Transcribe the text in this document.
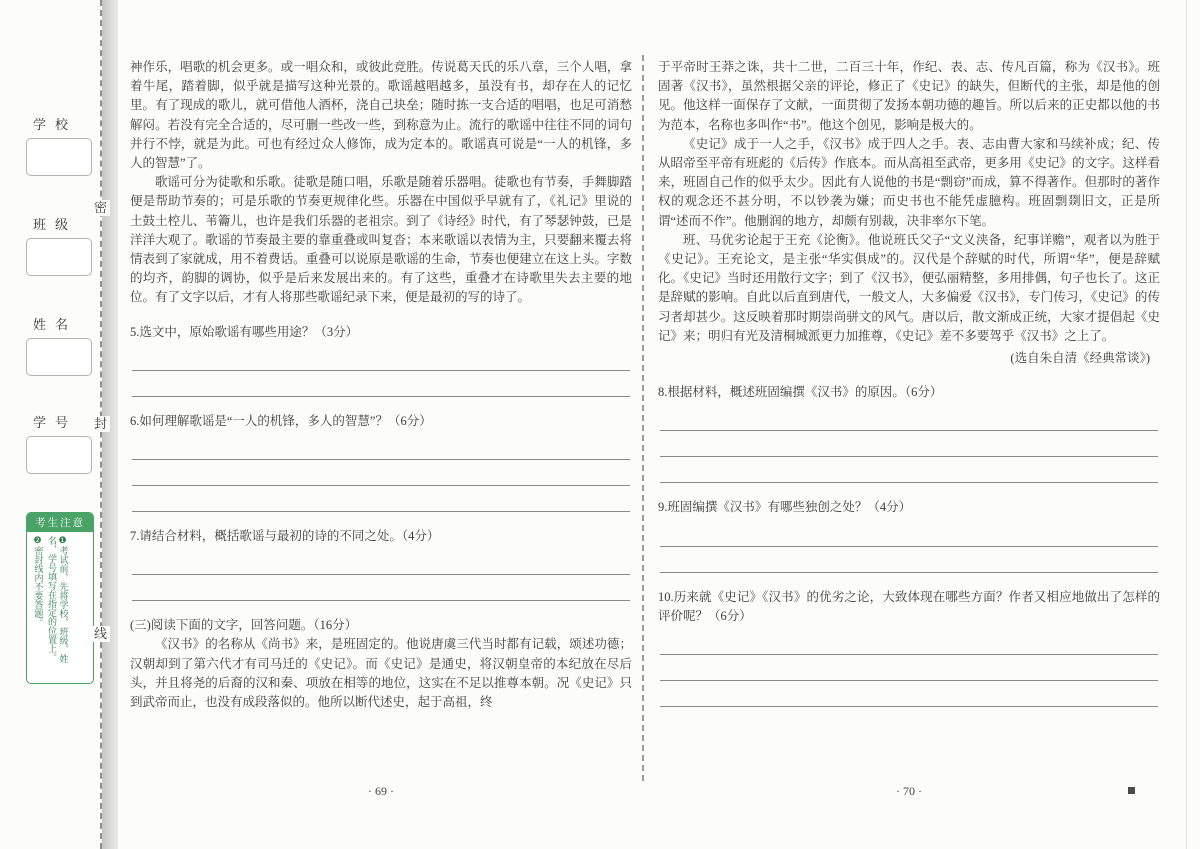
密
封
线
学校
班级
姓名
学号
考生注意
❶考试前，先将学校、班级、姓名、学号填写在指定的位置上。
❷密封线内不要答题。

神作乐，唱歌的机会更多。或一唱众和，或彼此竞胜。传说葛天氏的乐八章，三个人唱，拿着牛尾，踏着脚，似乎就是描写这种光景的。歌谣越唱越多，虽没有书，却存在人的记忆里。有了现成的歌儿，就可借他人酒杯，浇自己块垒；随时拣一支合适的唱唱，也足可消愁解闷。若没有完全合适的，尽可删一些改一些，到称意为止。流行的歌谣中往往不同的词句并行不悖，就是为此。可也有经过众人修饰，成为定本的。歌谣真可说是“一人的机锋，多人的智慧”了。

歌谣可分为徒歌和乐歌。徒歌是随口唱，乐歌是随着乐器唱。徒歌也有节奏，手舞脚踏便是帮助节奏的；可是乐歌的节奏更规律化些。乐器在中国似乎早就有了，《礼记》里说的土鼓土椌儿、苇籥儿，也许是我们乐器的老祖宗。到了《诗经》时代，有了琴瑟钟鼓，已是洋洋大观了。歌谣的节奏最主要的靠重叠或叫复沓；本来歌谣以表情为主，只要翻来覆去将情表到了家就成，用不着费话。重叠可以说原是歌谣的生命，节奏也便建立在这上头。字数的均齐，韵脚的调协，似乎是后来发展出来的。有了这些，重叠才在诗歌里失去主要的地位。有了文字以后，才有人将那些歌谣纪录下来，便是最初的写的诗了。

5.选文中，原始歌谣有哪些用途？（3分）
6.如何理解歌谣是“一人的机锋，多人的智慧”？（6分）
7.请结合材料，概括歌谣与最初的诗的不同之处。（4分）
(三)阅读下面的文字，回答问题。（16分）

《汉书》的名称从《尚书》来，是班固定的。他说唐虞三代当时都有记载，颂述功德；汉朝却到了第六代才有司马迁的《史记》。而《史记》是通史，将汉朝皇帝的本纪放在尽后头，并且将尧的后裔的汉和秦、项放在相等的地位，这实在不足以推尊本朝。况《史记》只到武帝而止，也没有成段落似的。他所以断代述史，起于高祖，终

· 69 ·

于平帝时王莽之诛，共十二世，二百三十年，作纪、表、志、传凡百篇，称为《汉书》。班固著《汉书》，虽然根据父亲的评论，修正了《史记》的缺失，但断代的主张，却是他的创见。他这样一面保存了文献，一面贯彻了发扬本朝功德的趣旨。所以后来的正史都以他的书为范本，名称也多叫作“书”。他这个创见，影响是极大的。

《史记》成于一人之手，《汉书》成于四人之手。表、志由曹大家和马续补成；纪、传从昭帝至平帝有班彪的《后传》作底本。而从高祖至武帝，更多用《史记》的文字。这样看来，班固自己作的似乎太少。因此有人说他的书是“剽窃”而成，算不得著作。但那时的著作权的观念还不甚分明，不以钞袭为嫌；而史书也不能凭虚臆构。班固剽剟旧文，正是所谓“述而不作”。他删润的地方，却颇有别裁，决非率尔下笔。

班、马优劣论起于王充《论衡》。他说班氏父子“文义浃备，纪事详赡”，观者以为胜于《史记》。王充论文，是主张“华实俱成”的。汉代是个辞赋的时代，所谓“华”，便是辞赋化。《史记》当时还用散行文字；到了《汉书》，便弘丽精整，多用排偶，句子也长了。这正是辞赋的影响。自此以后直到唐代，一般文人，大多偏爱《汉书》，专门传习，《史记》的传习者却甚少。这反映着那时期崇尚骈文的风气。唐以后，散文渐成正统，大家才提倡起《史记》来；明归有光及清桐城派更力加推尊，《史记》差不多要驾乎《汉书》之上了。

(选自朱自清《经典常谈》)
8.根据材料，概述班固编撰《汉书》的原因。（6分）
9.班固编撰《汉书》有哪些独创之处？（4分）
10.历来就《史记》《汉书》的优劣之论，大致体现在哪些方面？作者又相应地做出了怎样的评价呢？（6分）
· 70 ·
